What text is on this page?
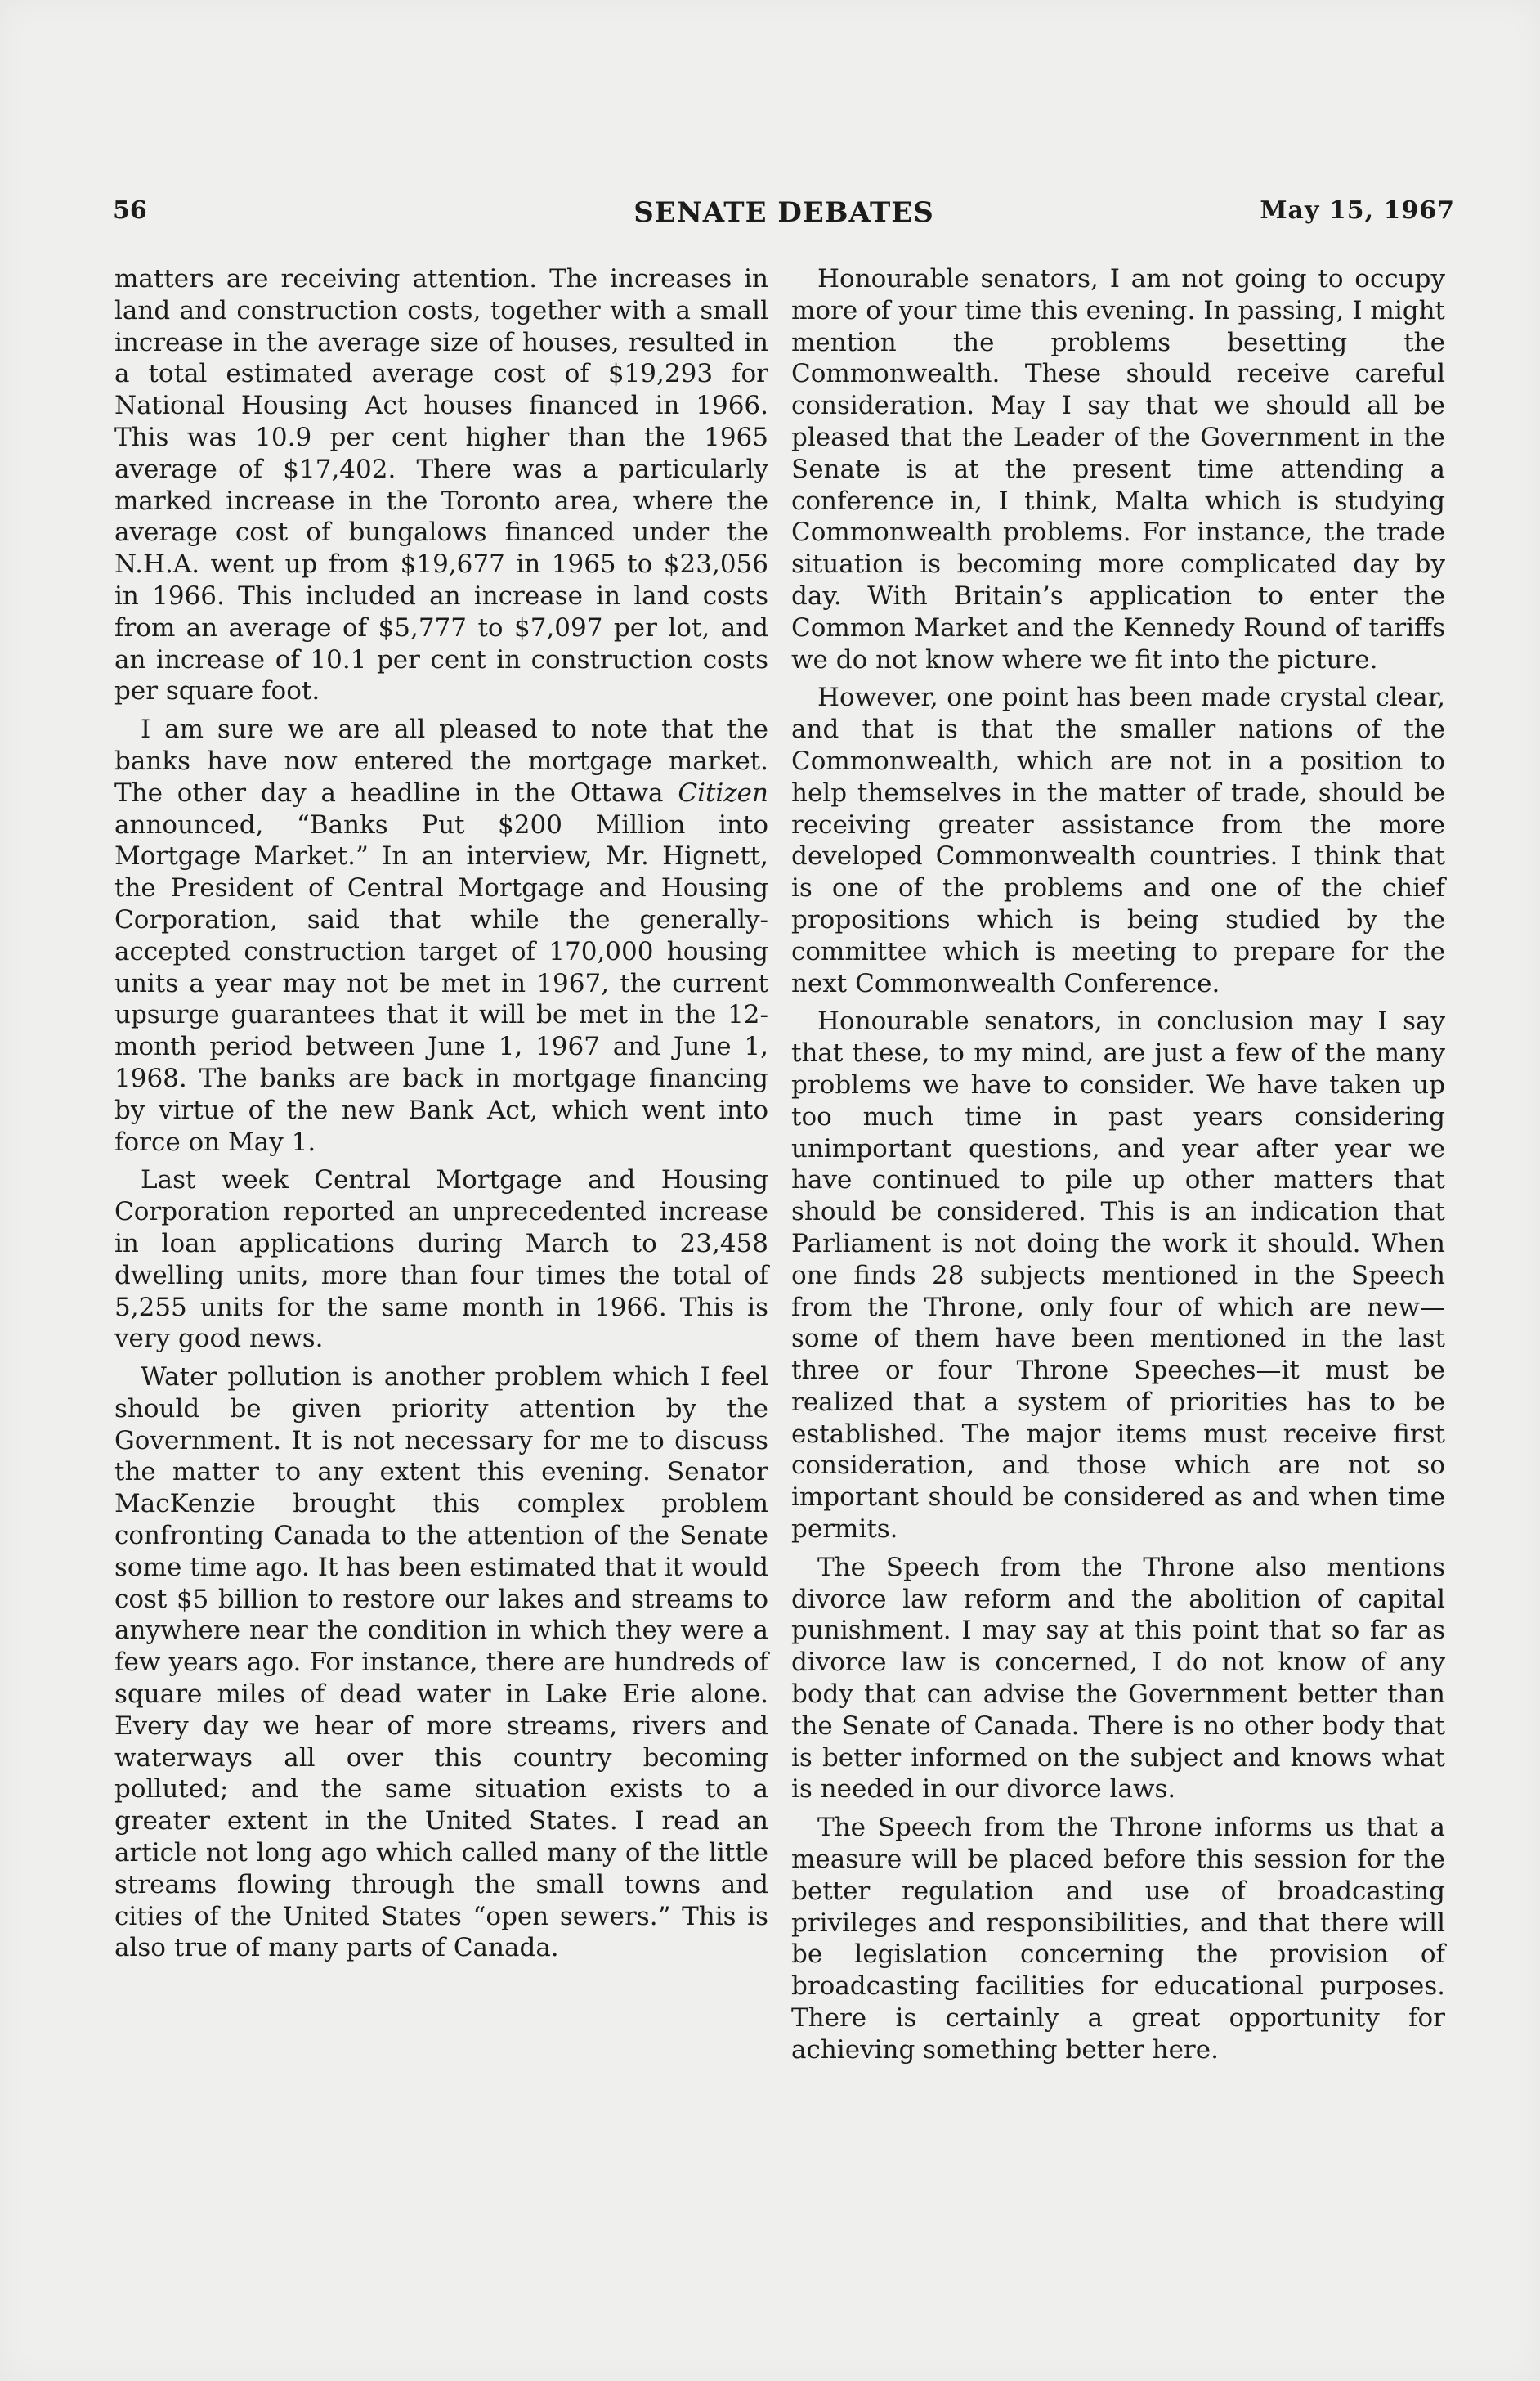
SENATE DEBATES
56	May 15, 1967

matters are receiving attention. The increases in land and construction costs, together with a small increase in the average size of houses, resulted in a total estimated average cost of $19,293 for National Housing Act houses financed in 1966. This was 10.9 per cent higher than the 1965 average of $17,402. There was a particularly marked increase in the Toronto area, where the average cost of bungalows financed under the N.H.A. went up from $19,677 in 1965 to $23,056 in 1966. This included an increase in land costs from an average of $5,777 to $7,097 per lot, and an increase of 10.1 per cent in construction costs per square foot.

I am sure we are all pleased to note that the banks have now entered the mortgage market. The other day a headline in the Ottawa Citizen announced, “Banks Put $200 Million into Mortgage Market.” In an interview, Mr. Hignett, the President of Central Mortgage and Housing Corporation, said that while the generally-accepted construction target of 170,000 housing units a year may not be met in 1967, the current upsurge guarantees that it will be met in the 12-month period between June 1, 1967 and June 1, 1968. The banks are back in mortgage financing by virtue of the new Bank Act, which went into force on May 1.

Last week Central Mortgage and Housing Corporation reported an unprecedented increase in loan applications during March to 23,458 dwelling units, more than four times the total of 5,255 units for the same month in 1966. This is very good news.

Water pollution is another problem which I feel should be given priority attention by the Government. It is not necessary for me to discuss the matter to any extent this evening. Senator MacKenzie brought this complex problem confronting Canada to the attention of the Senate some time ago. It has been estimated that it would cost $5 billion to restore our lakes and streams to anywhere near the condition in which they were a few years ago. For instance, there are hundreds of square miles of dead water in Lake Erie alone. Every day we hear of more streams, rivers and waterways all over this country becoming polluted; and the same situation exists to a greater extent in the United States. I read an article not long ago which called many of the little streams flowing through the small towns and cities of the United States “open sewers.” This is also true of many parts of Canada.

Honourable senators, I am not going to occupy more of your time this evening. In passing, I might mention the problems besetting the Commonwealth. These should receive careful consideration. May I say that we should all be pleased that the Leader of the Government in the Senate is at the present time attending a conference in, I think, Malta which is studying Commonwealth problems. For instance, the trade situation is becoming more complicated day by day. With Britain’s application to enter the Common Market and the Kennedy Round of tariffs we do not know where we fit into the picture.

However, one point has been made crystal clear, and that is that the smaller nations of the Commonwealth, which are not in a position to help themselves in the matter of trade, should be receiving greater assistance from the more developed Commonwealth countries. I think that is one of the problems and one of the chief propositions which is being studied by the committee which is meeting to prepare for the next Commonwealth Conference.

Honourable senators, in conclusion may I say that these, to my mind, are just a few of the many problems we have to consider. We have taken up too much time in past years considering unimportant questions, and year after year we have continued to pile up other matters that should be considered. This is an indication that Parliament is not doing the work it should. When one finds 28 subjects mentioned in the Speech from the Throne, only four of which are new—some of them have been mentioned in the last three or four Throne Speeches—it must be realized that a system of priorities has to be established. The major items must receive first consideration, and those which are not so important should be considered as and when time permits.

The Speech from the Throne also mentions divorce law reform and the abolition of capital punishment. I may say at this point that so far as divorce law is concerned, I do not know of any body that can advise the Government better than the Senate of Canada. There is no other body that is better informed on the subject and knows what is needed in our divorce laws.

The Speech from the Throne informs us that a measure will be placed before this session for the better regulation and use of broadcasting privileges and responsibilities, and that there will be legislation concerning the provision of broadcasting facilities for educational purposes. There is certainly a great opportunity for achieving something better here.
